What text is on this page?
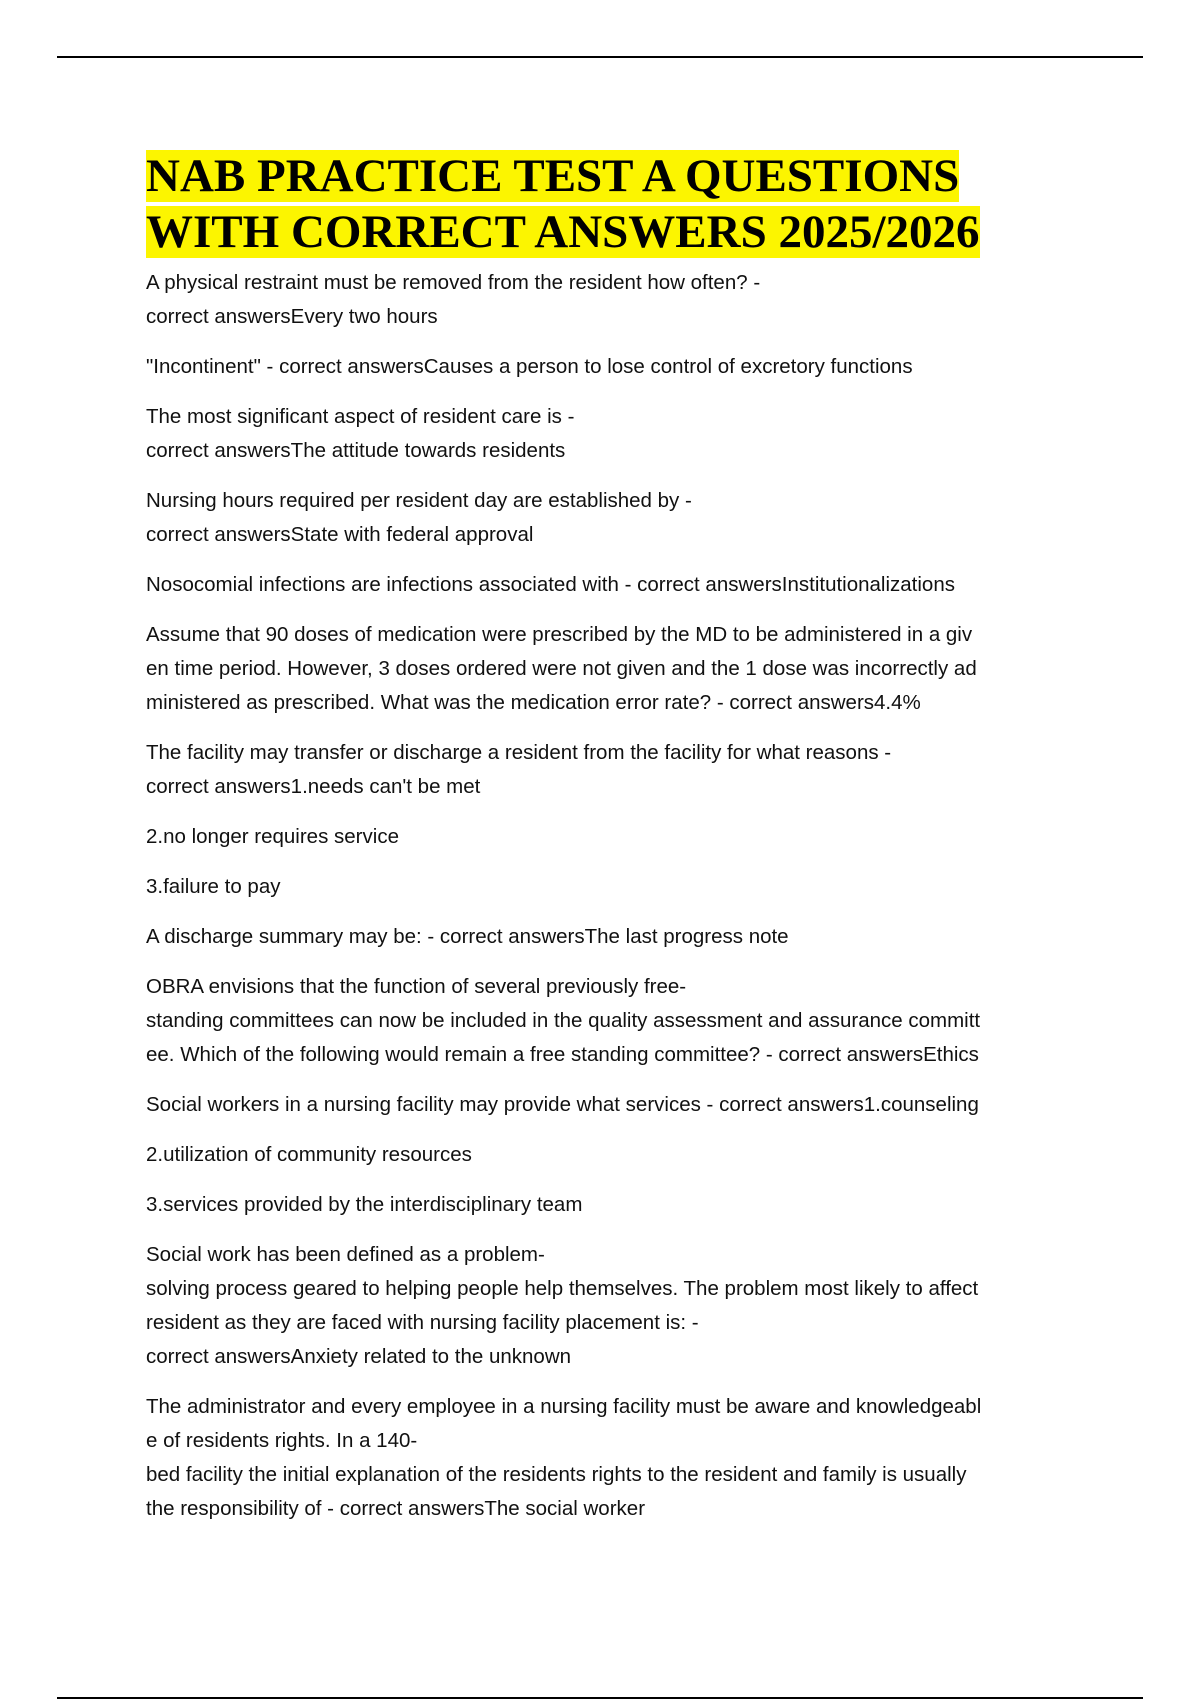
NAB PRACTICE TEST A QUESTIONS
WITH CORRECT ANSWERS 2025/2026

A physical restraint must be removed from the resident how often? -
correct answersEvery two hours

"Incontinent" - correct answersCauses a person to lose control of excretory functions

The most significant aspect of resident care is -
correct answersThe attitude towards residents

Nursing hours required per resident day are established by -
correct answersState with federal approval

Nosocomial infections are infections associated with - correct answersInstitutionalizations

Assume that 90 doses of medication were prescribed by the MD to be administered in a giv
en time period. However, 3 doses ordered were not given and the 1 dose was incorrectly ad
ministered as prescribed. What was the medication error rate? - correct answers4.4%

The facility may transfer or discharge a resident from the facility for what reasons -
correct answers1.needs can't be met

2.no longer requires service

3.failure to pay

A discharge summary may be: - correct answersThe last progress note

OBRA envisions that the function of several previously free-
standing committees can now be included in the quality assessment and assurance committ
ee. Which of the following would remain a free standing committee? - correct answersEthics

Social workers in a nursing facility may provide what services - correct answers1.counseling

2.utilization of community resources

3.services provided by the interdisciplinary team

Social work has been defined as a problem-
solving process geared to helping people help themselves. The problem most likely to affect
resident as they are faced with nursing facility placement is: -
correct answersAnxiety related to the unknown

The administrator and every employee in a nursing facility must be aware and knowledgeabl
e of residents rights. In a 140-
bed facility the initial explanation of the residents rights to the resident and family is usually
the responsibility of - correct answersThe social worker
